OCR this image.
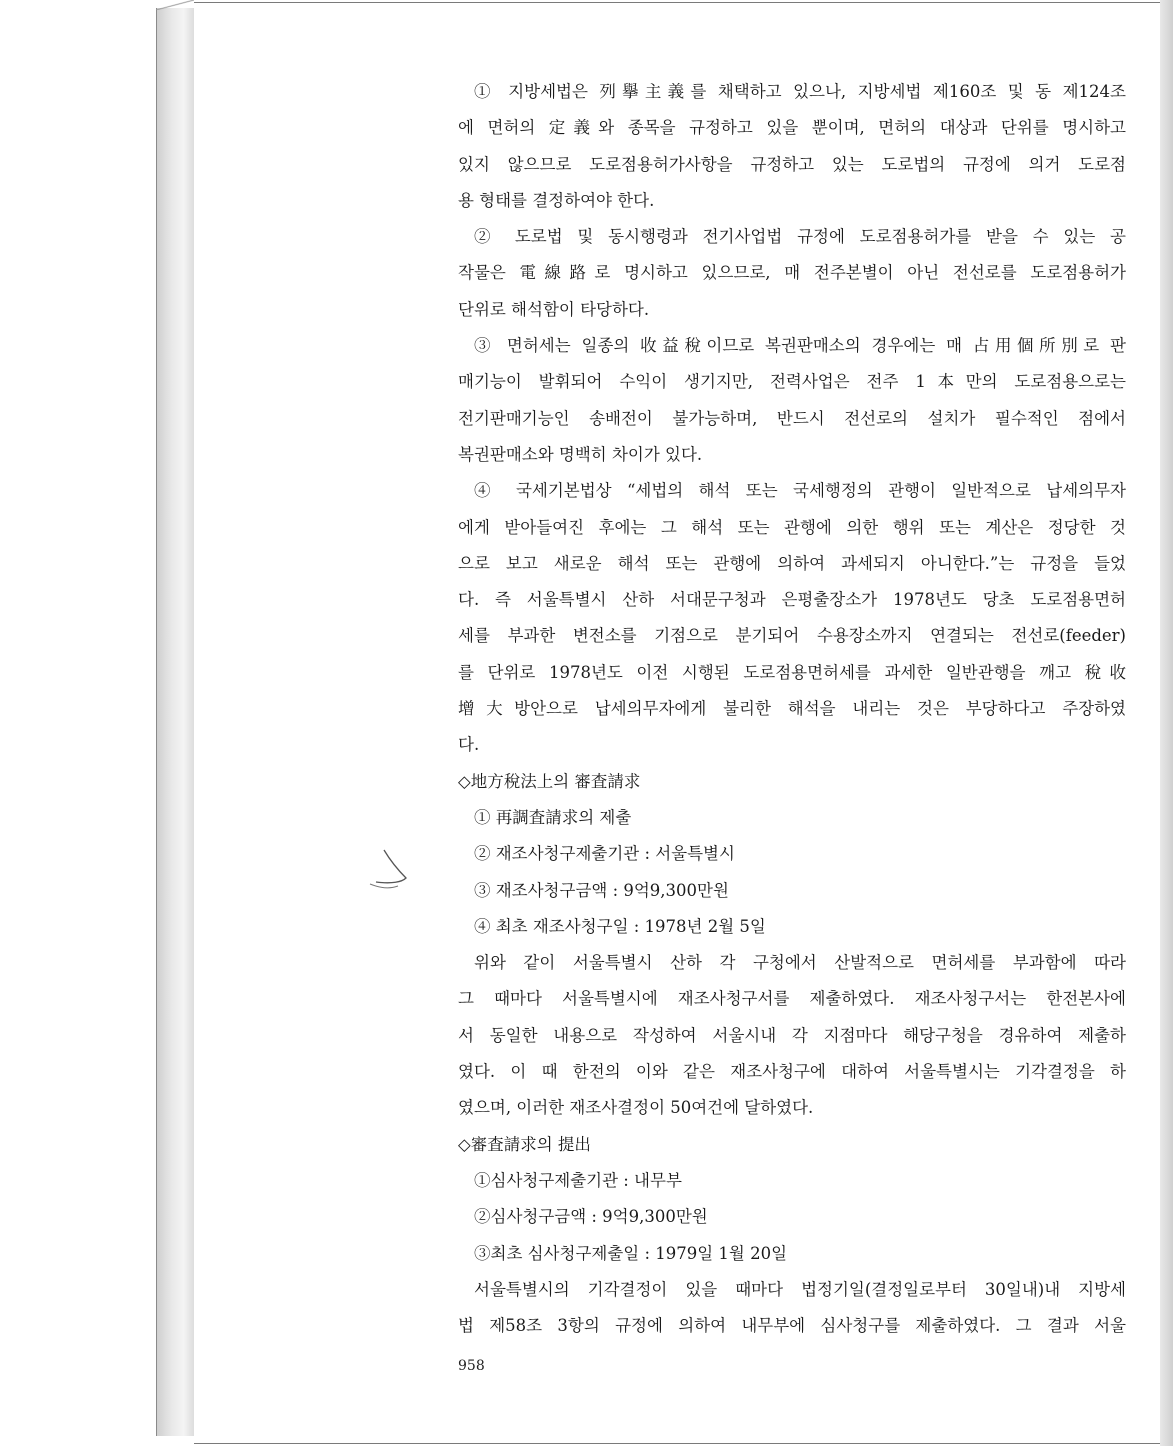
① 지방세법은 列擧主義를 채택하고 있으나, 지방세법 제160조 및 동 제124조
에 면허의 定義와 종목을 규정하고 있을 뿐이며, 면허의 대상과 단위를 명시하고
있지 않으므로 도로점용허가사항을 규정하고 있는 도로법의 규정에 의거 도로점
용 형태를 결정하여야 한다.
② 도로법 및 동시행령과 전기사업법 규정에 도로점용허가를 받을 수 있는 공
작물은 電線路로 명시하고 있으므로, 매 전주본별이 아닌 전선로를 도로점용허가
단위로 해석함이 타당하다.
③ 면허세는 일종의 收益稅이므로 복권판매소의 경우에는 매 占用個所別로 판
매기능이 발휘되어 수익이 생기지만, 전력사업은 전주 1本만의 도로점용으로는
전기판매기능인 송배전이 불가능하며, 반드시 전선로의 설치가 필수적인 점에서
복권판매소와 명백히 차이가 있다.
④ 국세기본법상 “세법의 해석 또는 국세행정의 관행이 일반적으로 납세의무자
에게 받아들여진 후에는 그 해석 또는 관행에 의한 행위 또는 계산은 정당한 것
으로 보고 새로운 해석 또는 관행에 의하여 과세되지 아니한다.”는 규정을 들었
다. 즉 서울특별시 산하 서대문구청과 은평출장소가 1978년도 당초 도로점용면허
세를 부과한 변전소를 기점으로 분기되어 수용장소까지 연결되는 전선로(feeder)
를 단위로 1978년도 이전 시행된 도로점용면허세를 과세한 일반관행을 깨고 稅收
增大방안으로 납세의무자에게 불리한 해석을 내리는 것은 부당하다고 주장하였
다.
◇地方稅法上의 審査請求
① 再調査請求의 제출
② 재조사청구제출기관 : 서울특별시
③ 재조사청구금액 : 9억9,300만원
④ 최초 재조사청구일 : 1978년 2월 5일
위와 같이 서울특별시 산하 각 구청에서 산발적으로 면허세를 부과함에 따라
그 때마다 서울특별시에 재조사청구서를 제출하였다. 재조사청구서는 한전본사에
서 동일한 내용으로 작성하여 서울시내 각 지점마다 해당구청을 경유하여 제출하
였다. 이 때 한전의 이와 같은 재조사청구에 대하여 서울특별시는 기각결정을 하
였으며, 이러한 재조사결정이 50여건에 달하였다.
◇審査請求의 提出
①심사청구제출기관 : 내무부
②심사청구금액 : 9억9,300만원
③최초 심사청구제출일 : 1979일 1월 20일
서울특별시의 기각결정이 있을 때마다 법정기일(결정일로부터 30일내)내 지방세
법 제58조 3항의 규정에 의하여 내무부에 심사청구를 제출하였다. 그 결과 서울
958
